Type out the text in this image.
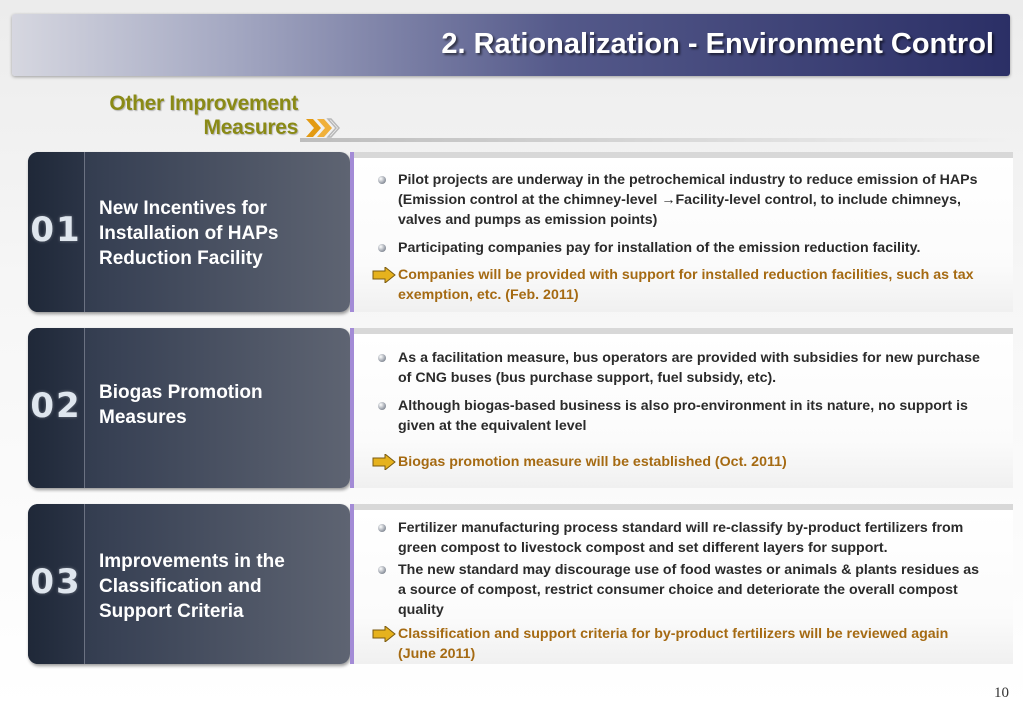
2. Rationalization - Environment Control
Other Improvement
Measures
01
New Incentives for Installation of HAPs Reduction Facility
Pilot projects are underway in the petrochemical industry to reduce emission of HAPs (Emission control at the chimney-level →Facility-level control, to include chimneys, valves and pumps as emission points)
Participating companies pay for installation of the emission reduction facility.
Companies will be provided with support for installed reduction facilities, such as tax exemption, etc. (Feb. 2011)
02 Biogas Promotion Measures
As a facilitation measure, bus operators are provided with subsidies for new purchase of CNG buses (bus purchase support, fuel subsidy, etc).
Although biogas-based business is also pro-environment in its nature, no support is given at the equivalent level
Biogas promotion measure will be established (Oct. 2011)
03
Improvements in the Classification and Support Criteria
Fertilizer manufacturing process standard will re-classify by-product fertilizers from green compost to livestock compost and set different layers for support.
The new standard may discourage use of food wastes or animals & plants residues as a source of compost, restrict consumer choice and deteriorate the overall compost quality
Classification and support criteria for by-product fertilizers will be reviewed again (June 2011)
10
